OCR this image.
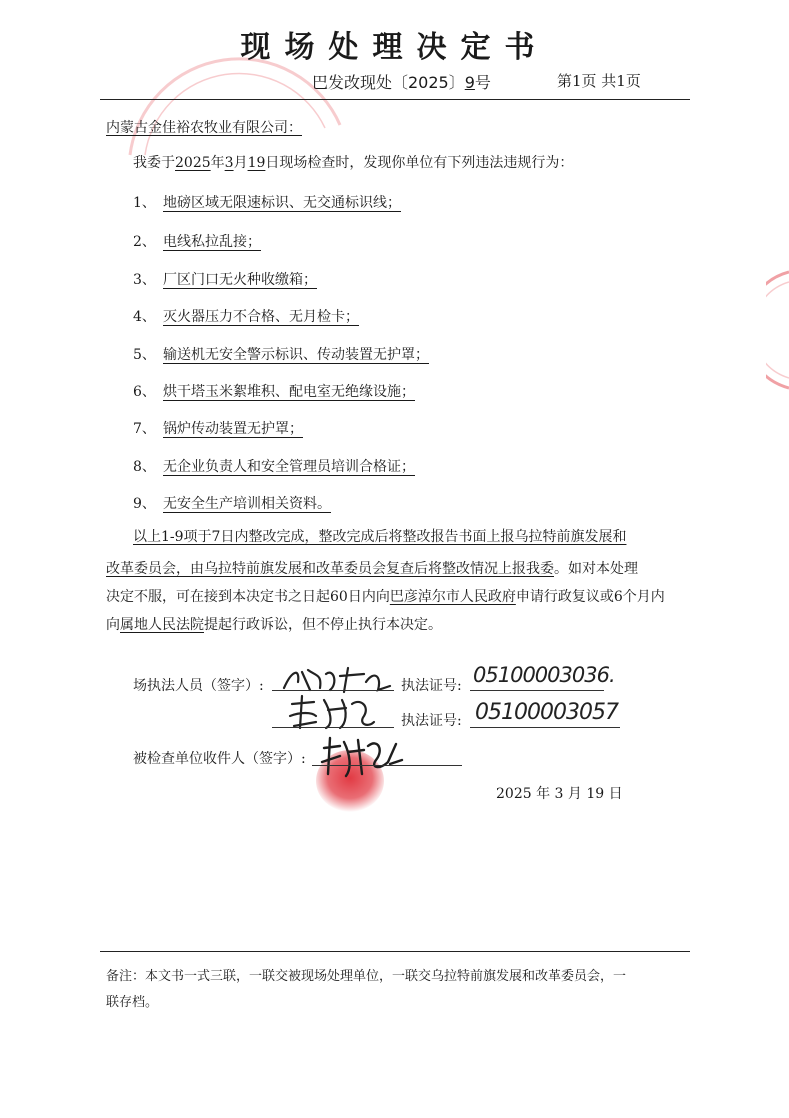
现场处理决定书
巴发改现处〔2025〕9号	第1页 共1页
内蒙古金佳裕农牧业有限公司：
我委于2025年3月19日现场检查时，发现你单位有下列违法违规行为：
1、 地磅区域无限速标识、无交通标识线；
2、 电线私拉乱接；
3、 厂区门口无火种收缴箱；
4、 灭火器压力不合格、无月检卡；
5、 输送机无安全警示标识、传动装置无护罩；
6、 烘干塔玉米絮堆积、配电室无绝缘设施；
7、 锅炉传动装置无护罩；
8、 无企业负责人和安全管理员培训合格证；
9、 无安全生产培训相关资料。
以上1-9项于7日内整改完成，整改完成后将整改报告书面上报乌拉特前旗发展和
改革委员会，由乌拉特前旗发展和改革委员会复查后将整改情况上报我委。如对本处理
决定不服，可在接到本决定书之日起60日内向巴彦淖尔市人民政府申请行政复议或6个月内
向属地人民法院提起行政诉讼，但不停止执行本决定。
场执法人员（签字）:	执法证号: 05100003036.
执法证号: 05100003057
被检查单位收件人（签字）:
2025 年 3 月 19 日
备注：本文书一式三联，一联交被现场处理单位，一联交乌拉特前旗发展和改革委员会，一
联存档。
